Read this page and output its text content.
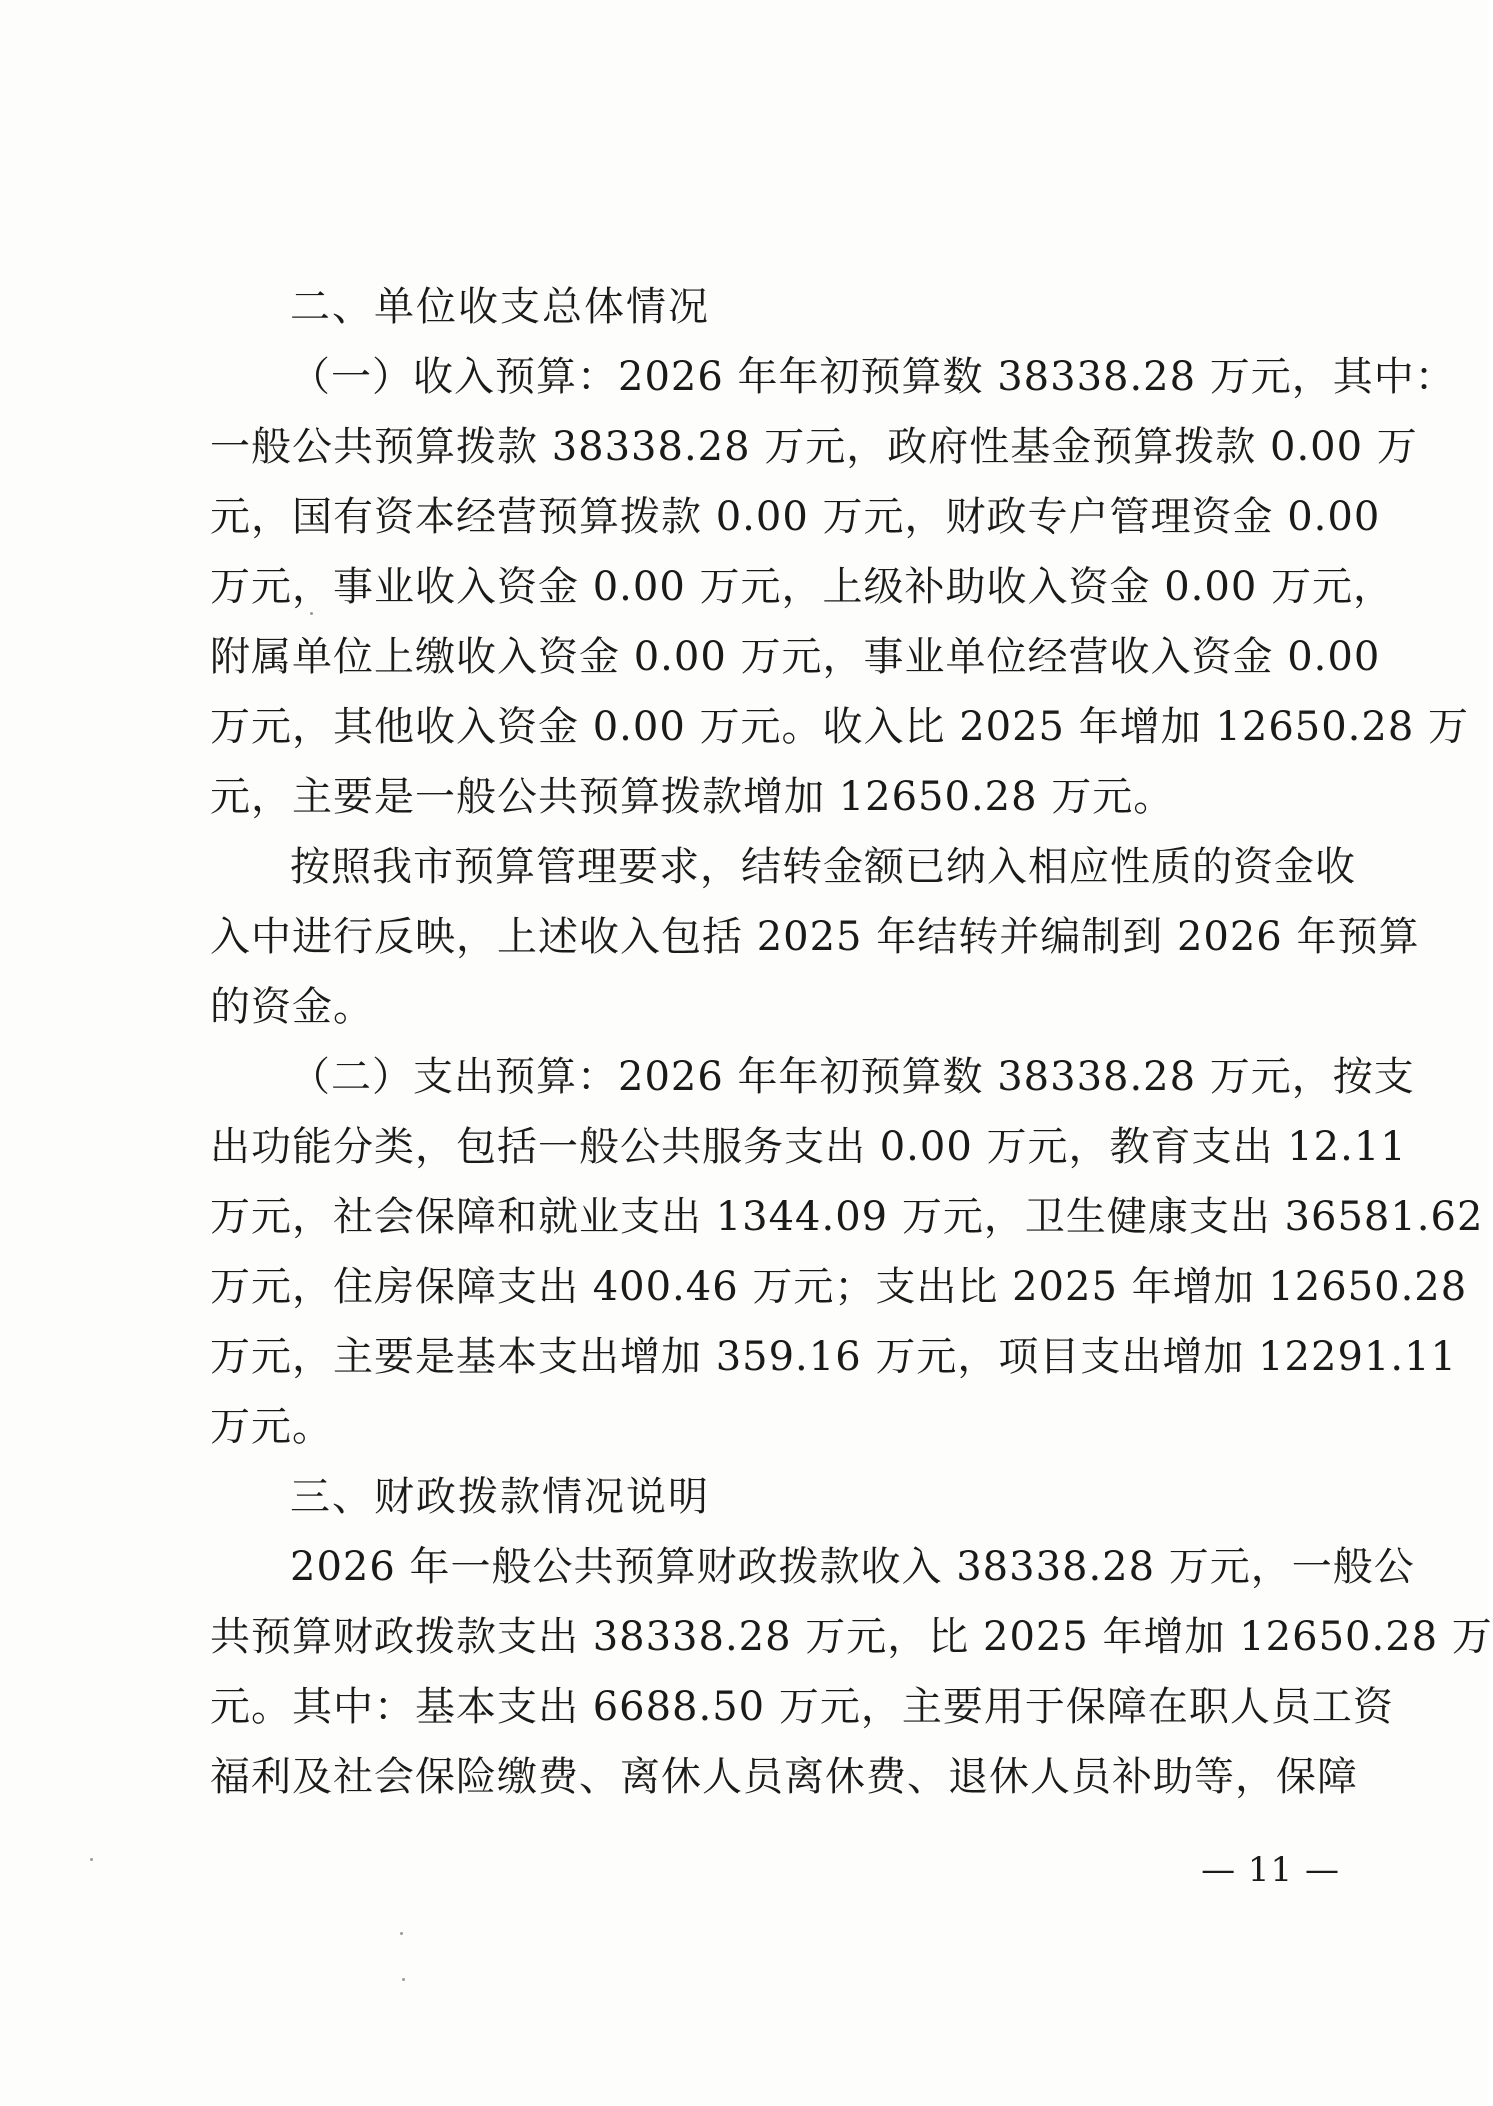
二、单位收支总体情况
（一）收入预算：2026 年年初预算数 38338.28 万元，其中：
一般公共预算拨款 38338.28 万元，政府性基金预算拨款 0.00 万
元，国有资本经营预算拨款 0.00 万元，财政专户管理资金 0.00
万元，事业收入资金 0.00 万元，上级补助收入资金 0.00 万元，
附属单位上缴收入资金 0.00 万元，事业单位经营收入资金 0.00
万元，其他收入资金 0.00 万元。收入比 2025 年增加 12650.28 万
元，主要是一般公共预算拨款增加 12650.28 万元。
按照我市预算管理要求，结转金额已纳入相应性质的资金收
入中进行反映，上述收入包括 2025 年结转并编制到 2026 年预算
的资金。
（二）支出预算：2026 年年初预算数 38338.28 万元，按支
出功能分类，包括一般公共服务支出 0.00 万元，教育支出 12.11
万元，社会保障和就业支出 1344.09 万元，卫生健康支出 36581.62
万元，住房保障支出 400.46 万元；支出比 2025 年增加 12650.28
万元，主要是基本支出增加 359.16 万元，项目支出增加 12291.11
万元。
三、财政拨款情况说明
2026 年一般公共预算财政拨款收入 38338.28 万元，一般公
共预算财政拨款支出 38338.28 万元，比 2025 年增加 12650.28 万
元。其中：基本支出 6688.50 万元，主要用于保障在职人员工资
福利及社会保险缴费、离休人员离休费、退休人员补助等，保障
— 11 —
